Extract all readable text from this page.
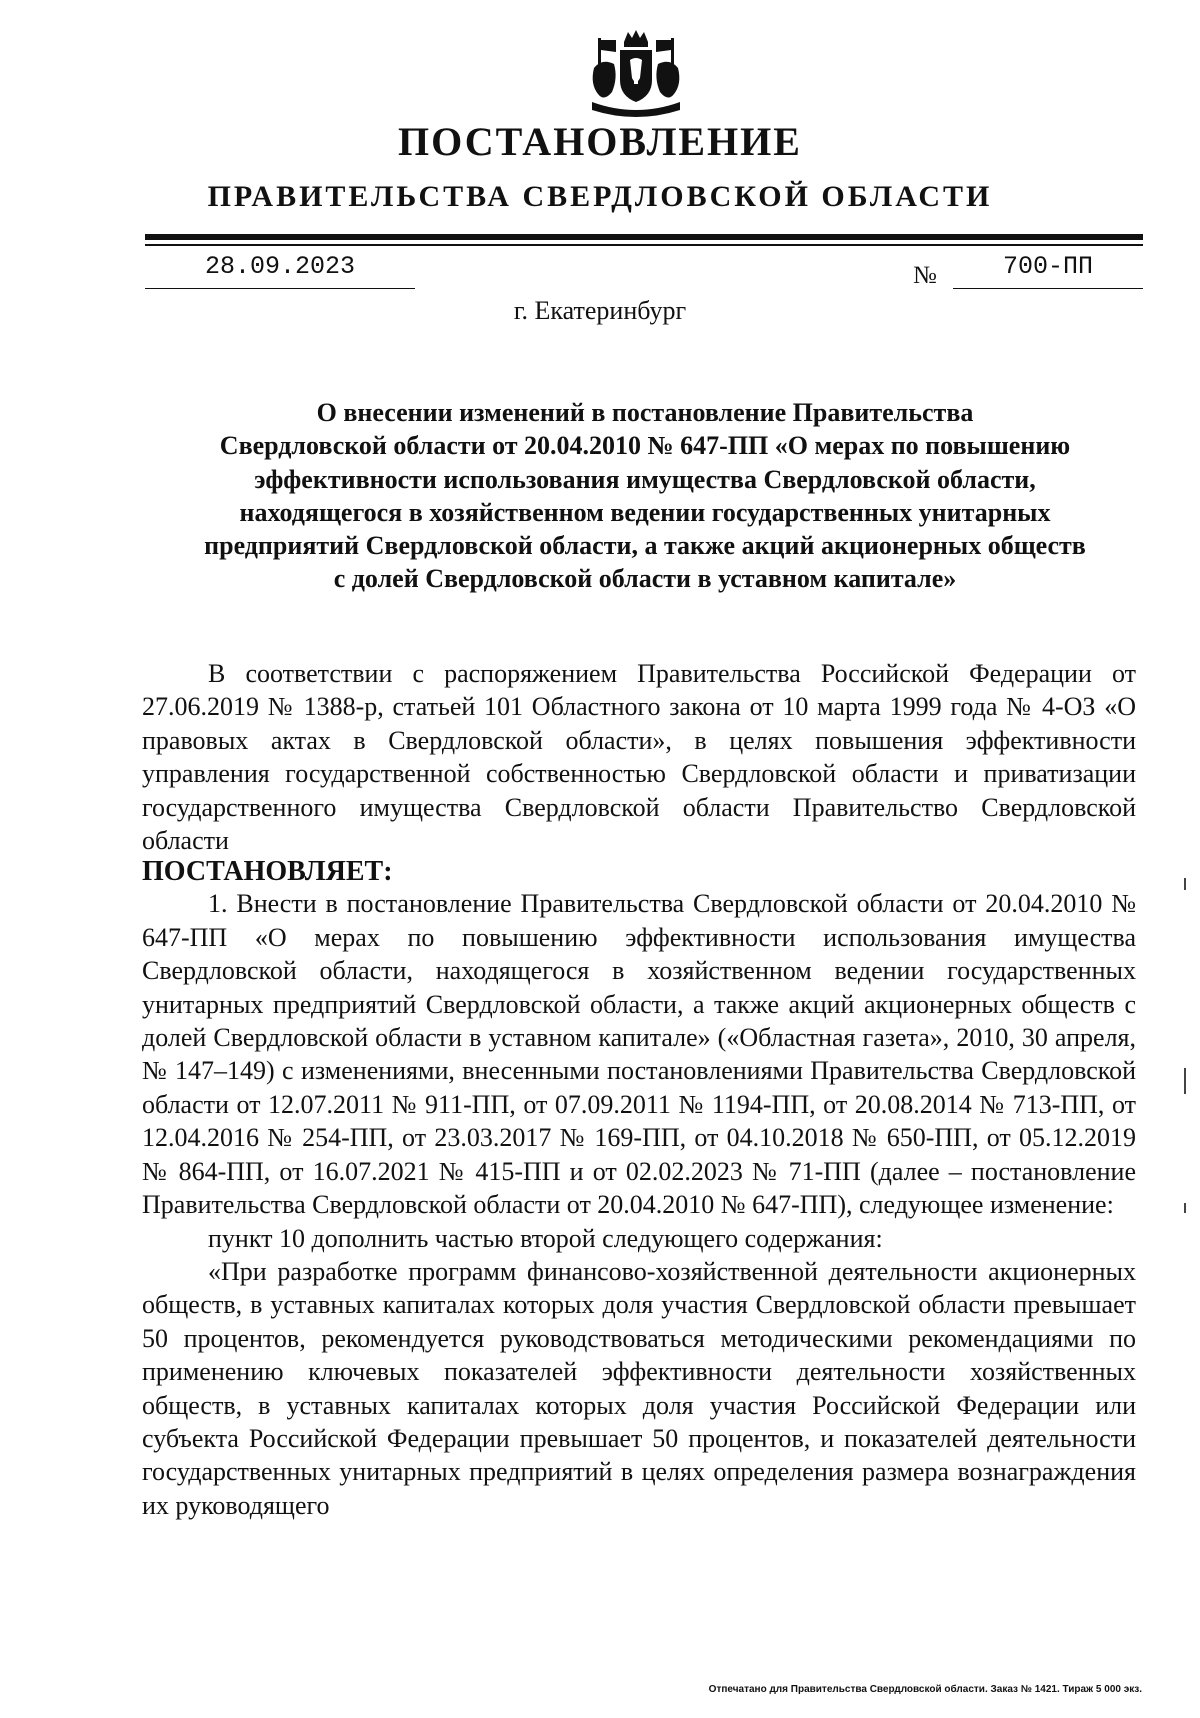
ПОСТАНОВЛЕНИЕ
ПРАВИТЕЛЬСТВА СВЕРДЛОВСКОЙ ОБЛАСТИ
28.09.2023	№	700-ПП
г. Екатеринбург
О внесении изменений в постановление Правительства
Свердловской области от 20.04.2010 № 647-ПП «О мерах по повышению
эффективности использования имущества Свердловской области,
находящегося в хозяйственном ведении государственных унитарных
предприятий Свердловской области, а также акций акционерных обществ
с долей Свердловской области в уставном капитале»

В соответствии с распоряжением Правительства Российской Федерации от 27.06.2019 № 1388-р, статьей 101 Областного закона от 10 марта 1999 года № 4-ОЗ «О правовых актах в Свердловской области», в целях повышения эффективности управления государственной собственностью Свердловской области и приватизации государственного имущества Свердловской области Правительство Свердловской области

ПОСТАНОВЛЯЕТ:

1. Внести в постановление Правительства Свердловской области от 20.04.2010 № 647-ПП «О мерах по повышению эффективности использования имущества Свердловской области, находящегося в хозяйственном ведении государственных унитарных предприятий Свердловской области, а также акций акционерных обществ с долей Свердловской области в уставном капитале» («Областная газета», 2010, 30 апреля, № 147–149) с изменениями, внесенными постановлениями Правительства Свердловской области от 12.07.2011 № 911-ПП, от 07.09.2011 № 1194-ПП, от 20.08.2014 № 713-ПП, от 12.04.2016 № 254-ПП, от 23.03.2017 № 169-ПП, от 04.10.2018 № 650-ПП, от 05.12.2019 № 864-ПП, от 16.07.2021 № 415-ПП и от 02.02.2023 № 71-ПП (далее – постановление Правительства Свердловской области от 20.04.2010 № 647-ПП), следующее изменение:

пункт 10 дополнить частью второй следующего содержания:

«При разработке программ финансово-хозяйственной деятельности акционерных обществ, в уставных капиталах которых доля участия Свердловской области превышает 50 процентов, рекомендуется руководствоваться методическими рекомендациями по применению ключевых показателей эффективности деятельности хозяйственных обществ, в уставных капиталах которых доля участия Российской Федерации или субъекта Российской Федерации превышает 50 процентов, и показателей деятельности государственных унитарных предприятий в целях определения размера вознаграждения их руководящего

Отпечатано для Правительства Свердловской области. Заказ № 1421. Тираж 5 000 экз.
